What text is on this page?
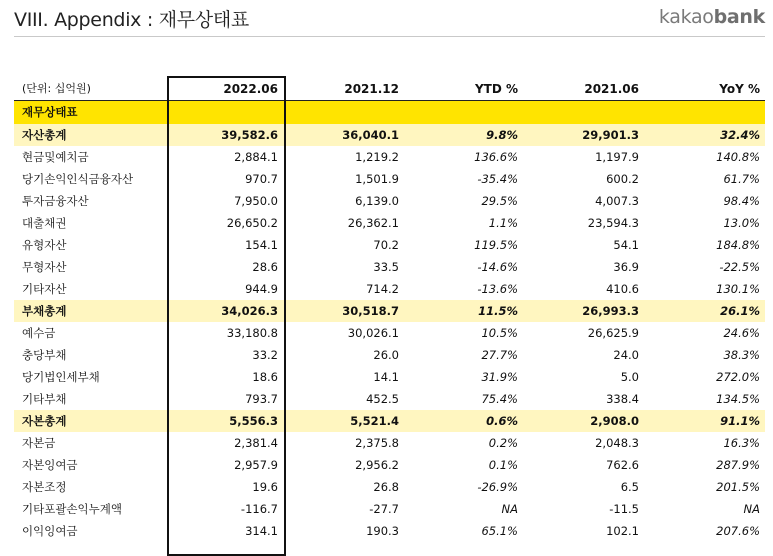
VIII. Appendix : 재무상태표	kakaobank
(단위: 십억원)	2022.06	2021.12	YTD %	2021.06	YoY %
재무상태표
자산총계	39,582.6	36,040.1	9.8%	29,901.3	32.4%
현금및예치금	2,884.1	1,219.2	136.6%	1,197.9	140.8%
당기손익인식금융자산	970.7	1,501.9	-35.4%	600.2	61.7%
투자금융자산	7,950.0	6,139.0	29.5%	4,007.3	98.4%
대출채권	26,650.2	26,362.1	1.1%	23,594.3	13.0%
유형자산	154.1	70.2	119.5%	54.1	184.8%
무형자산	28.6	33.5	-14.6%	36.9	-22.5%
기타자산	944.9	714.2	-13.6%	410.6	130.1%
부채총계	34,026.3	30,518.7	11.5%	26,993.3	26.1%
예수금	33,180.8	30,026.1	10.5%	26,625.9	24.6%
충당부채	33.2	26.0	27.7%	24.0	38.3%
당기법인세부채	18.6	14.1	31.9%	5.0	272.0%
기타부채	793.7	452.5	75.4%	338.4	134.5%
자본총계	5,556.3	5,521.4	0.6%	2,908.0	91.1%
자본금	2,381.4	2,375.8	0.2%	2,048.3	16.3%
자본잉여금	2,957.9	2,956.2	0.1%	762.6	287.9%
자본조정	19.6	26.8	-26.9%	6.5	201.5%
기타포괄손익누계액	-116.7	-27.7	NA	-11.5	NA
이익잉여금	314.1	190.3	65.1%	102.1	207.6%
